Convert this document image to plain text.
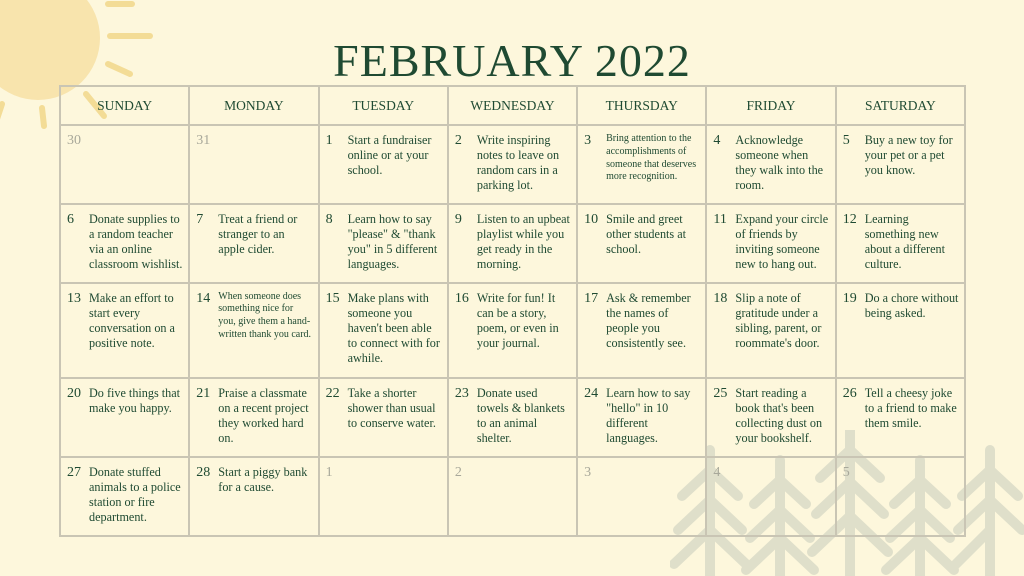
FEBRUARY 2022
SUNDAY	MONDAY	TUESDAY	WEDNESDAY	THURSDAY	FRIDAY	SATURDAY

30	31	1 Start a fundraiser online or at your school.	2 Write inspiring notes to leave on random cars in a parking lot.	3 Bring attention to the accomplishments of someone that deserves more recognition.	4 Acknowledge someone when they walk into the room.	5 Buy a new toy for your pet or a pet you know.

6 Donate supplies to a random teacher via an online classroom wishlist.	7 Treat a friend or stranger to an apple cider.	8 Learn how to say "please" & "thank you" in 5 different languages.	9 Listen to an upbeat playlist while you get ready in the morning.	10 Smile and greet other students at school.	11 Expand your circle of friends by inviting someone new to hang out.	12 Learning something new about a different culture.

13 Make an effort to start every conversation on a positive note.	14 When someone does something nice for you, give them a hand-written thank you card.	15 Make plans with someone you haven't been able to connect with for awhile.	16 Write for fun! It can be a story, poem, or even in your journal.	17 Ask & remember the names of people you consistently see.	18 Slip a note of gratitude under a sibling, parent, or roommate's door.	19 Do a chore without being asked.

20 Do five things that make you happy.	21 Praise a classmate on a recent project they worked hard on.	22 Take a shorter shower than usual to conserve water.	23 Donate used towels & blankets to an animal shelter.	24 Learn how to say "hello" in 10 different languages.	25 Start reading a book that's been collecting dust on your bookshelf.	26 Tell a cheesy joke to a friend to make them smile.

27 Donate stuffed animals to a police station or fire department.	28 Start a piggy bank for a cause.	1	2	3	4	5
